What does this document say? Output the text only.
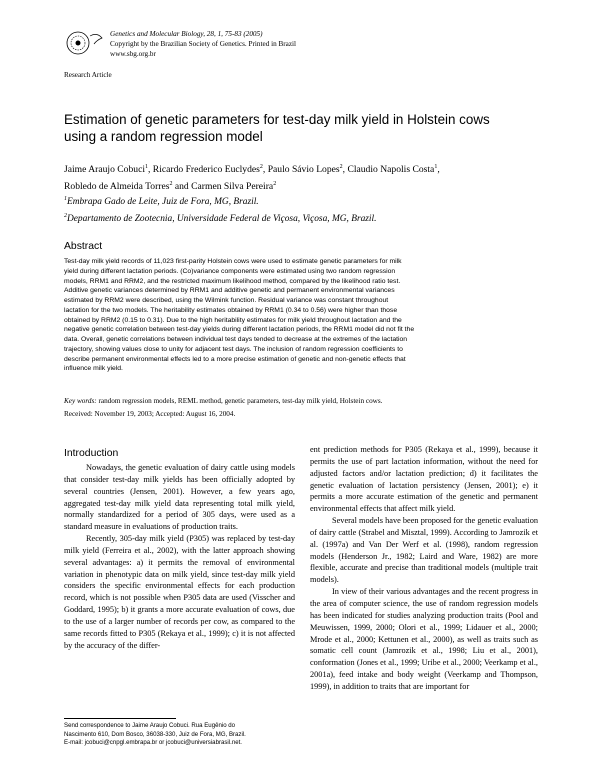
Genetics and Molecular Biology, 28, 1, 75-83 (2005)
Copyright by the Brazilian Society of Genetics. Printed in Brazil
www.sbg.org.br
Research Article
Estimation of genetic parameters for test-day milk yield in Holstein cows
using a random regression model
Jaime Araujo Cobuci$^1$, Ricardo Frederico Euclydes$^2$, Paulo Sávio Lopes$^2$, Claudio Napolis Costa$^1$,
Robledo de Almeida Torres$^2$ and Carmen Silva Pereira$^2$
$^1$Embrapa Gado de Leite, Juiz de Fora, MG, Brazil.
$^2$Departamento de Zootecnia, Universidade Federal de Viçosa, Viçosa, MG, Brazil.
Abstract
Test-day milk yield records of 11,023 first-parity Holstein cows were used to estimate genetic parameters for milk
yield during different lactation periods. (Co)variance components were estimated using two random regression
models, RRM1 and RRM2, and the restricted maximum likelihood method, compared by the likelihood ratio test.
Additive genetic variances determined by RRM1 and additive genetic and permanent environmental variances
estimated by RRM2 were described, using the Wilmink function. Residual variance was constant throughout
lactation for the two models. The heritability estimates obtained by RRM1 (0.34 to 0.56) were higher than those
obtained by RRM2 (0.15 to 0.31). Due to the high heritability estimates for milk yield throughout lactation and the
negative genetic correlation between test-day yields during different lactation periods, the RRM1 model did not fit the
data. Overall, genetic correlations between individual test days tended to decrease at the extremes of the lactation
trajectory, showing values close to unity for adjacent test days. The inclusion of random regression coefficients to
describe permanent environmental effects led to a more precise estimation of genetic and non-genetic effects that
influence milk yield.
Key words: random regression models, REML method, genetic parameters, test-day milk yield, Holstein cows.
Received: November 19, 2003; Accepted: August 16, 2004.
Introduction

Nowadays, the genetic evaluation of dairy cattle using models that consider test-day milk yields has been officially adopted by several countries (Jensen, 2001). However, a few years ago, aggregated test-day milk yield data representing total milk yield, normally standardized for a period of 305 days, were used as a standard measure in evaluations of production traits.

Recently, 305-day milk yield (P305) was replaced by test-day milk yield (Ferreira et al., 2002), with the latter approach showing several advantages: a) it permits the removal of environmental variation in phenotypic data on milk yield, since test-day milk yield considers the specific environmental effects for each production record, which is not possible when P305 data are used (Visscher and Goddard, 1995); b) it grants a more accurate evaluation of cows, due to the use of a larger number of records per cow, as compared to the same records fitted to P305 (Rekaya et al., 1999); c) it is not affected by the accuracy of the differ-

ent prediction methods for P305 (Rekaya et al., 1999), because it permits the use of part lactation information, without the need for adjusted factors and/or lactation prediction; d) it facilitates the genetic evaluation of lactation persistency (Jensen, 2001); e) it permits a more accurate estimation of the genetic and permanent environmental effects that affect milk yield.

Several models have been proposed for the genetic evaluation of dairy cattle (Strabel and Misztal, 1999). According to Jamrozik et al. (1997a) and Van Der Werf et al. (1998), random regression models (Henderson Jr., 1982; Laird and Ware, 1982) are more flexible, accurate and precise than traditional models (multiple trait models).

In view of their various advantages and the recent progress in the area of computer science, the use of random regression models has been indicated for studies analyzing production traits (Pool and Meuwissen, 1999, 2000; Olori et al., 1999; Lidauer et al., 2000; Mrode et al., 2000; Kettunen et al., 2000), as well as traits such as somatic cell count (Jamrozik et al., 1998; Liu et al., 2001), conformation (Jones et al., 1999; Uribe et al., 2000; Veerkamp et al., 2001a), feed intake and body weight (Veerkamp and Thompson, 1999), in addition to traits that are important for

Send correspondence to Jaime Araujo Cobuci. Rua Eugênio do
Nascimento 610, Dom Bosco, 36038-330, Juiz de Fora, MG, Brazil.
E-mail: jcobuci@cnpgl.embrapa.br or jcobuci@universiabrasil.net.
